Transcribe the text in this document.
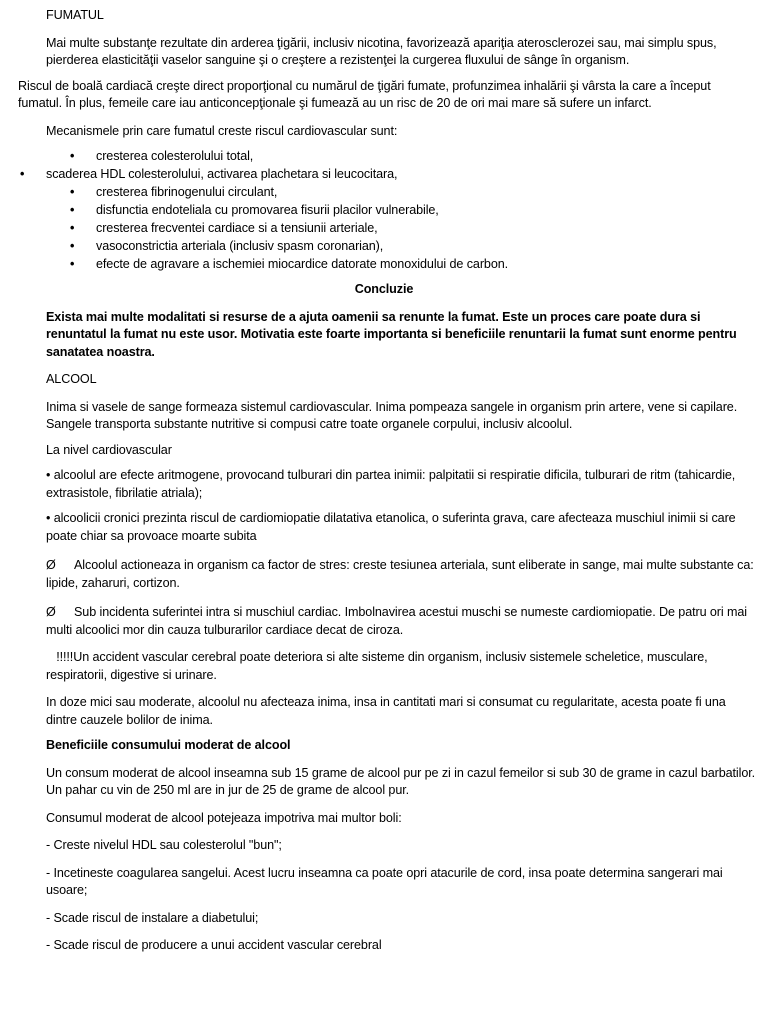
FUMATUL

Mai multe substanţe rezultate din arderea ţigării, inclusiv nicotina, favorizează apariţia aterosclerozei sau, mai simplu spus, pierderea elasticităţii vaselor sanguine şi o creştere a rezistenţei la curgerea fluxului de sânge în organism.

Riscul de boală cardiacă creşte direct proporţional cu numărul de ţigări fumate, profunzimea inhalării şi vârsta la care a început fumatul. În plus, femeile care iau anticoncepţionale şi fumează au un risc de 20 de ori mai mare să sufere un infarct.

Mecanismele prin care fumatul creste riscul cardiovascular sunt:

• cresterea colesterolului total,
• scaderea HDL colesterolului, activarea plachetara si leucocitara,
• cresterea fibrinogenului circulant,
• disfunctia endoteliala cu promovarea fisurii placilor vulnerabile,
• cresterea frecventei cardiace si a tensiunii arteriale,
• vasoconstrictia arteriala (inclusiv spasm coronarian),
• efecte de agravare a ischemiei miocardice datorate monoxidului de carbon.

Concluzie

Exista mai multe modalitati si resurse de a ajuta oamenii sa renunte la fumat. Este un proces care poate dura si renuntatul la fumat nu este usor. Motivatia este foarte importanta si beneficiile renuntarii la fumat sunt enorme pentru sanatatea noastra.

ALCOOL

Inima si vasele de sange formeaza sistemul cardiovascular. Inima pompeaza sangele in organism prin artere, vene si capilare. Sangele transporta substante nutritive si compusi catre toate organele corpului, inclusiv alcoolul.

La nivel cardiovascular

• alcoolul are efecte aritmogene, provocand tulburari din partea inimii: palpitatii si respiratie dificila, tulburari de ritm (tahicardie, extrasistole, fibrilatie atriala);

• alcoolicii cronici prezinta riscul de cardiomiopatie dilatativa etanolica, o suferinta grava, care afecteaza muschiul inimii si care poate chiar sa provoace moarte subita

Ø Alcoolul actioneaza in organism ca factor de stres: creste tesiunea arteriala, sunt eliberate in sange, mai multe substante ca: lipide, zaharuri, cortizon.

Ø Sub incidenta suferintei intra si muschiul cardiac. Imbolnavirea acestui muschi se numeste cardiomiopatie. De patru ori mai multi alcoolici mor din cauza tulburarilor cardiace decat de ciroza.

!!!!!Un accident vascular cerebral poate deteriora si alte sisteme din organism, inclusiv sistemele scheletice, musculare, respiratorii, digestive si urinare.

In doze mici sau moderate, alcoolul nu afecteaza inima, insa in cantitati mari si consumat cu regularitate, acesta poate fi una dintre cauzele bolilor de inima.

Beneficiile consumului moderat de alcool

Un consum moderat de alcool inseamna sub 15 grame de alcool pur pe zi in cazul femeilor si sub 30 de grame in cazul barbatilor. Un pahar cu vin de 250 ml are in jur de 25 de grame de alcool pur.

Consumul moderat de alcool potejeaza impotriva mai multor boli:

- Creste nivelul HDL sau colesterolul "bun";

- Incetineste coagularea sangelui. Acest lucru inseamna ca poate opri atacurile de cord, insa poate determina sangerari mai usoare;

- Scade riscul de instalare a diabetului;

- Scade riscul de producere a unui accident vascular cerebral
